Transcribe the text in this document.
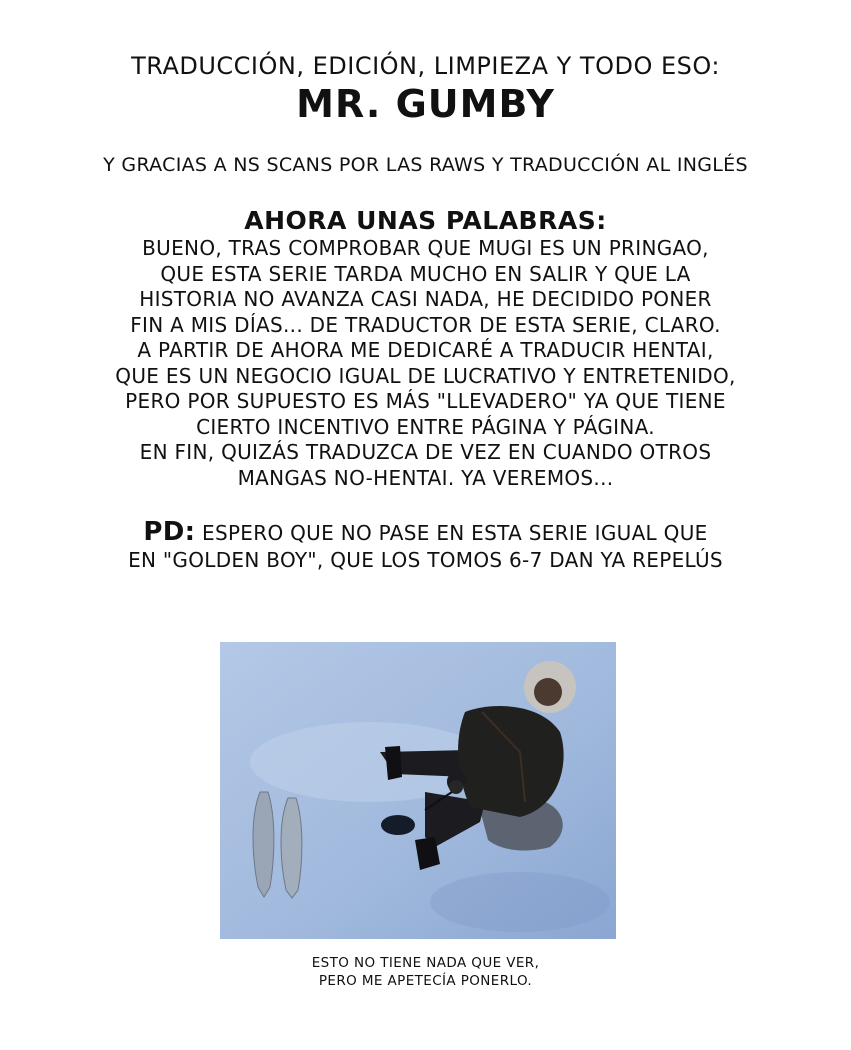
TRADUCCIÓN, EDICIÓN, LIMPIEZA Y TODO ESO:
MR. GUMBY
Y GRACIAS A NS SCANS POR LAS RAWS Y TRADUCCIÓN AL INGLÉS
AHORA UNAS PALABRAS:
BUENO, TRAS COMPROBAR QUE MUGI ES UN PRINGAO,
QUE ESTA SERIE TARDA MUCHO EN SALIR Y QUE LA
HISTORIA NO AVANZA CASI NADA, HE DECIDIDO PONER
FIN A MIS DÍAS... DE TRADUCTOR DE ESTA SERIE, CLARO.
A PARTIR DE AHORA ME DEDICARÉ A TRADUCIR HENTAI,
QUE ES UN NEGOCIO IGUAL DE LUCRATIVO Y ENTRETENIDO,
PERO POR SUPUESTO ES MÁS "LLEVADERO" YA QUE TIENE
CIERTO INCENTIVO ENTRE PÁGINA Y PÁGINA.
EN FIN, QUIZÁS TRADUZCA DE VEZ EN CUANDO OTROS
MANGAS NO-HENTAI. YA VEREMOS...
PD: ESPERO QUE NO PASE EN ESTA SERIE IGUAL QUE
EN "GOLDEN BOY", QUE LOS TOMOS 6-7 DAN YA REPELÚS
ESTO NO TIENE NADA QUE VER,
PERO ME APETECÍA PONERLO.
